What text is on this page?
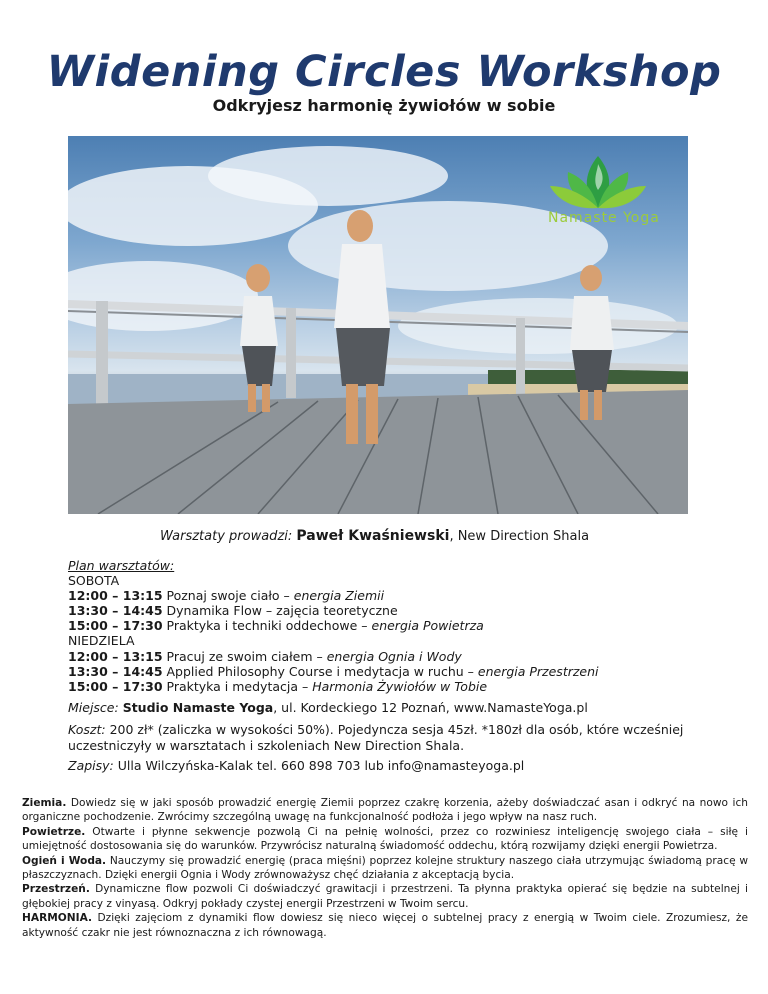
Widening Circles Workshop
Odkryjesz harmonię żywiołów w sobie
Namaste Yoga
Warsztaty prowadzi: Paweł Kwaśniewski, New Direction Shala
Plan warsztatów:
SOBOTA
12:00 – 13:15 Poznaj swoje ciało – energia Ziemii
13:30 – 14:45 Dynamika Flow – zajęcia teoretyczne
15:00 – 17:30 Praktyka i techniki oddechowe – energia Powietrza
NIEDZIELA
12:00 – 13:15 Pracuj ze swoim ciałem – energia Ognia i Wody
13:30 – 14:45 Applied Philosophy Course i medytacja w ruchu – energia Przestrzeni
15:00 – 17:30 Praktyka i medytacja – Harmonia Żywiołów w Tobie
Miejsce: Studio Namaste Yoga, ul. Kordeckiego 12 Poznań, www.NamasteYoga.pl
Koszt: 200 zł* (zaliczka w wysokości 50%). Pojedyncza sesja 45zł. *180zł dla osób, które wcześniej
uczestniczyły w warsztatach i szkoleniach New Direction Shala.
Zapisy: Ulla Wilczyńska-Kalak tel. 660 898 703 lub info@namasteyoga.pl

Ziemia. Dowiedz się w jaki sposób prowadzić energię Ziemii poprzez czakrę korzenia, ażeby doświadczać asan i odkryć na nowo ich organiczne pochodzenie. Zwrócimy szczególną uwagę na funkcjonalność podłoża i jego wpływ na nasz ruch.

Powietrze. Otwarte i płynne sekwencje pozwolą Ci na pełnię wolności, przez co rozwiniesz inteligencję swojego ciała – siłę i umiejętność dostosowania się do warunków. Przywrócisz naturalną świadomość oddechu, którą rozwijamy dzięki energii Powietrza.

Ogień i Woda. Nauczymy się prowadzić energię (praca mięśni) poprzez kolejne struktury naszego ciała utrzymując świadomą pracę w płaszczyznach. Dzięki energii Ognia i Wody zrównoważysz chęć działania z akceptacją bycia.

Przestrzeń. Dynamiczne flow pozwoli Ci doświadczyć grawitacji i przestrzeni. Ta płynna praktyka opierać się będzie na subtelnej i głębokiej pracy z vinyasą. Odkryj pokłady czystej energii Przestrzeni w Twoim sercu.

HARMONIA. Dzięki zajęciom z dynamiki flow dowiesz się nieco więcej o subtelnej pracy z energią w Twoim ciele. Zrozumiesz, że aktywność czakr nie jest równoznaczna z ich równowagą.
